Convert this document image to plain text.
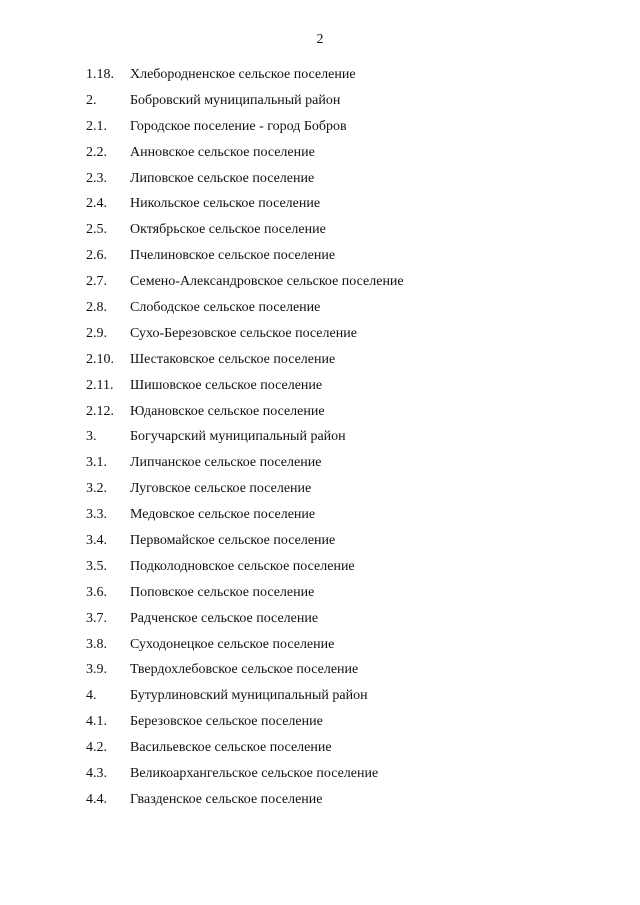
2
1.18.	Хлебородненское сельское поселение
2.	Бобровский муниципальный район
2.1.	Городское поселение - город Бобров
2.2.	Анновское сельское поселение
2.3.	Липовское сельское поселение
2.4.	Никольское сельское поселение
2.5.	Октябрьское сельское поселение
2.6.	Пчелиновское сельское поселение
2.7.	Семено-Александровское сельское поселение
2.8.	Слободское сельское поселение
2.9.	Сухо-Березовское сельское поселение
2.10.	Шестаковское сельское поселение
2.11.	Шишовское сельское поселение
2.12.	Юдановское сельское поселение
3.	Богучарский муниципальный район
3.1.	Липчанское сельское поселение
3.2.	Луговское сельское поселение
3.3.	Медовское сельское поселение
3.4.	Первомайское сельское поселение
3.5.	Подколодновское сельское поселение
3.6.	Поповское сельское поселение
3.7.	Радченское сельское поселение
3.8.	Суходонецкое сельское поселение
3.9.	Твердохлебовское сельское поселение
4.	Бутурлиновский муниципальный район
4.1.	Березовское сельское поселение
4.2.	Васильевское сельское поселение
4.3.	Великоархангельское сельское поселение
4.4.	Гвазденское сельское поселение
